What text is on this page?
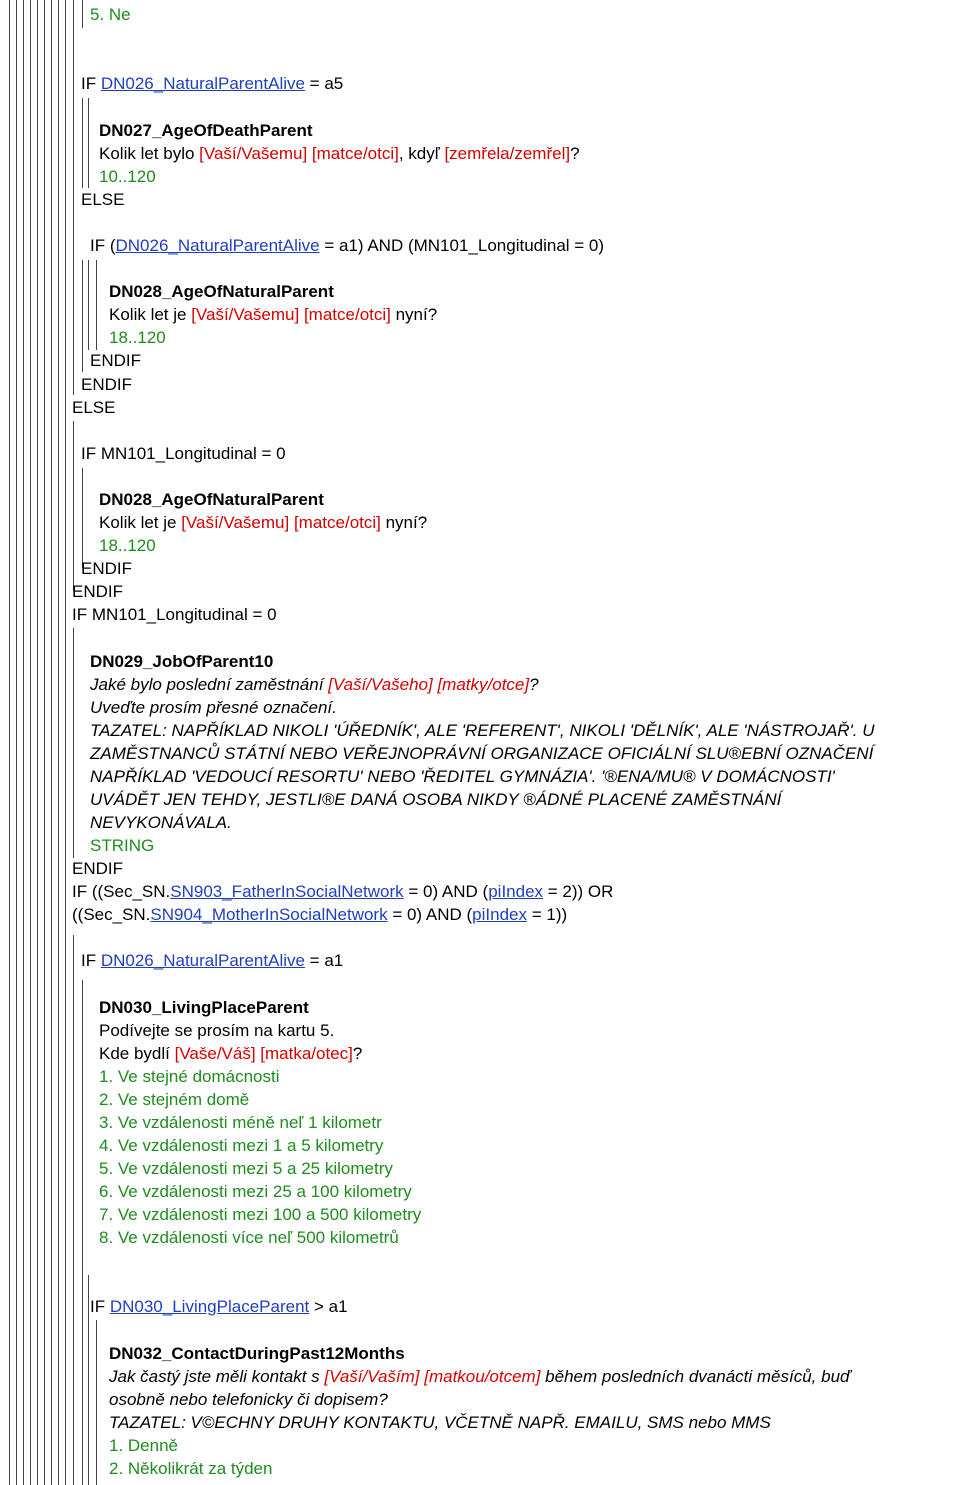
5. Ne
IF DN026_NaturalParentAlive = a5
DN027_AgeOfDeathParent
Kolik let bylo [Vaší/Vašemu] [matce/otci], kdyľ [zemřela/zemřel]?
10..120
ELSE
IF (DN026_NaturalParentAlive = a1) AND (MN101_Longitudinal = 0)
DN028_AgeOfNaturalParent
Kolik let je [Vaší/Vašemu] [matce/otci] nyní?
18..120
ENDIF
ENDIF
ELSE
IF MN101_Longitudinal = 0
DN028_AgeOfNaturalParent
Kolik let je [Vaší/Vašemu] [matce/otci] nyní?
18..120
ENDIF
ENDIF
IF MN101_Longitudinal = 0
DN029_JobOfParent10
Jaké bylo poslední zaměstnání [Vaší/Vašeho] [matky/otce]?
Uveďte prosím přesné označení.
TAZATEL: NAPŘÍKLAD NIKOLI 'ÚŘEDNÍK', ALE 'REFERENT', NIKOLI 'DĚLNÍK', ALE 'NÁSTROJAŘ'. U
ZAMĚSTNANCŮ STÁTNÍ NEBO VEŘEJNOPRÁVNÍ ORGANIZACE OFICIÁLNÍ SLU®EBNÍ OZNAČENÍ
NAPŘÍKLAD 'VEDOUCÍ RESORTU' NEBO 'ŘEDITEL GYMNÁZIA'. '®ENA/MU® V DOMÁCNOSTI'
UVÁDĚT JEN TEHDY, JESTLI®E DANÁ OSOBA NIKDY ®ÁDNÉ PLACENÉ ZAMĚSTNÁNÍ
NEVYKONÁVALA.
STRING
ENDIF
IF ((Sec_SN.SN903_FatherInSocialNetwork = 0) AND (piIndex = 2)) OR
((Sec_SN.SN904_MotherInSocialNetwork = 0) AND (piIndex = 1))
IF DN026_NaturalParentAlive = a1
DN030_LivingPlaceParent
Podívejte se prosím na kartu 5.
Kde bydlí [Vaše/Váš] [matka/otec]?
1. Ve stejné domácnosti
2. Ve stejném domě
3. Ve vzdálenosti méně neľ 1 kilometr
4. Ve vzdálenosti mezi 1 a 5 kilometry
5. Ve vzdálenosti mezi 5 a 25 kilometry
6. Ve vzdálenosti mezi 25 a 100 kilometry
7. Ve vzdálenosti mezi 100 a 500 kilometry
8. Ve vzdálenosti více neľ 500 kilometrů
IF DN030_LivingPlaceParent > a1
DN032_ContactDuringPast12Months
Jak častý jste měli kontakt s [Vaší/Vaším] [matkou/otcem] během posledních dvanácti měsíců, buď
osobně nebo telefonicky či dopisem?
TAZATEL: V©ECHNY DRUHY KONTAKTU, VČETNĚ NAPŘ. EMAILU, SMS nebo MMS
1. Denně
2. Několikrát za týden
